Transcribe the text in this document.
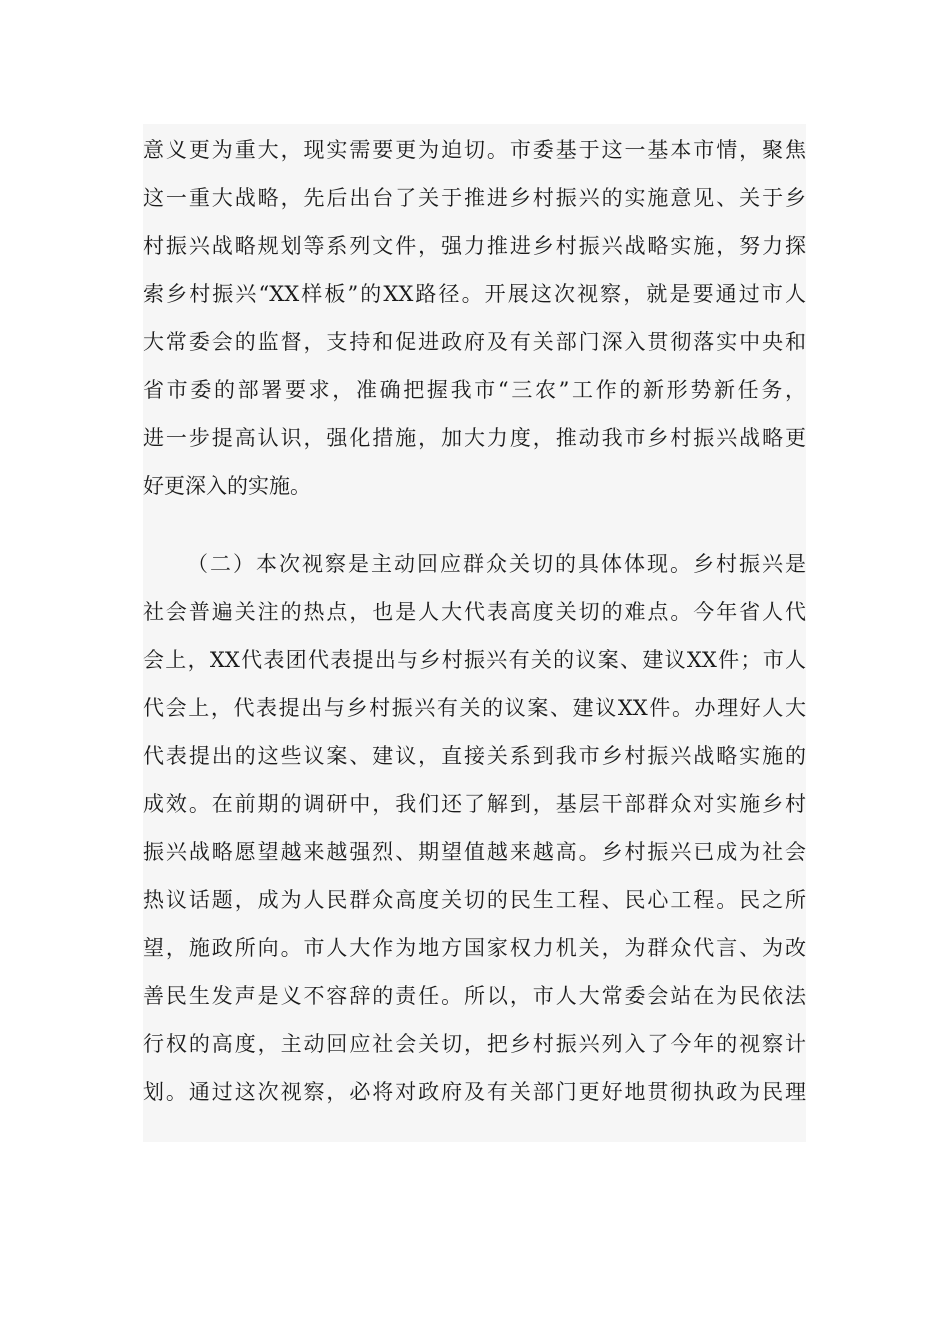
意义更为重大，现实需要更为迫切。市委基于这一基本市情，聚焦
这一重大战略，先后出台了关于推进乡村振兴的实施意见、关于乡
村振兴战略规划等系列文件，强力推进乡村振兴战略实施，努力探
索乡村振兴“XX样板”的XX路径。开展这次视察，就是要通过市人
大常委会的监督，支持和促进政府及有关部门深入贯彻落实中央和
省市委的部署要求，准确把握我市“三农”工作的新形势新任务，
进一步提高认识，强化措施，加大力度，推动我市乡村振兴战略更
好更深入的实施。
（二）本次视察是主动回应群众关切的具体体现。乡村振兴是
社会普遍关注的热点，也是人大代表高度关切的难点。今年省人代
会上，XX代表团代表提出与乡村振兴有关的议案、建议XX件；市人
代会上，代表提出与乡村振兴有关的议案、建议XX件。办理好人大
代表提出的这些议案、建议，直接关系到我市乡村振兴战略实施的
成效。在前期的调研中，我们还了解到，基层干部群众对实施乡村
振兴战略愿望越来越强烈、期望值越来越高。乡村振兴已成为社会
热议话题，成为人民群众高度关切的民生工程、民心工程。民之所
望，施政所向。市人大作为地方国家权力机关，为群众代言、为改
善民生发声是义不容辞的责任。所以，市人大常委会站在为民依法
行权的高度，主动回应社会关切，把乡村振兴列入了今年的视察计
划。通过这次视察，必将对政府及有关部门更好地贯彻执政为民理
